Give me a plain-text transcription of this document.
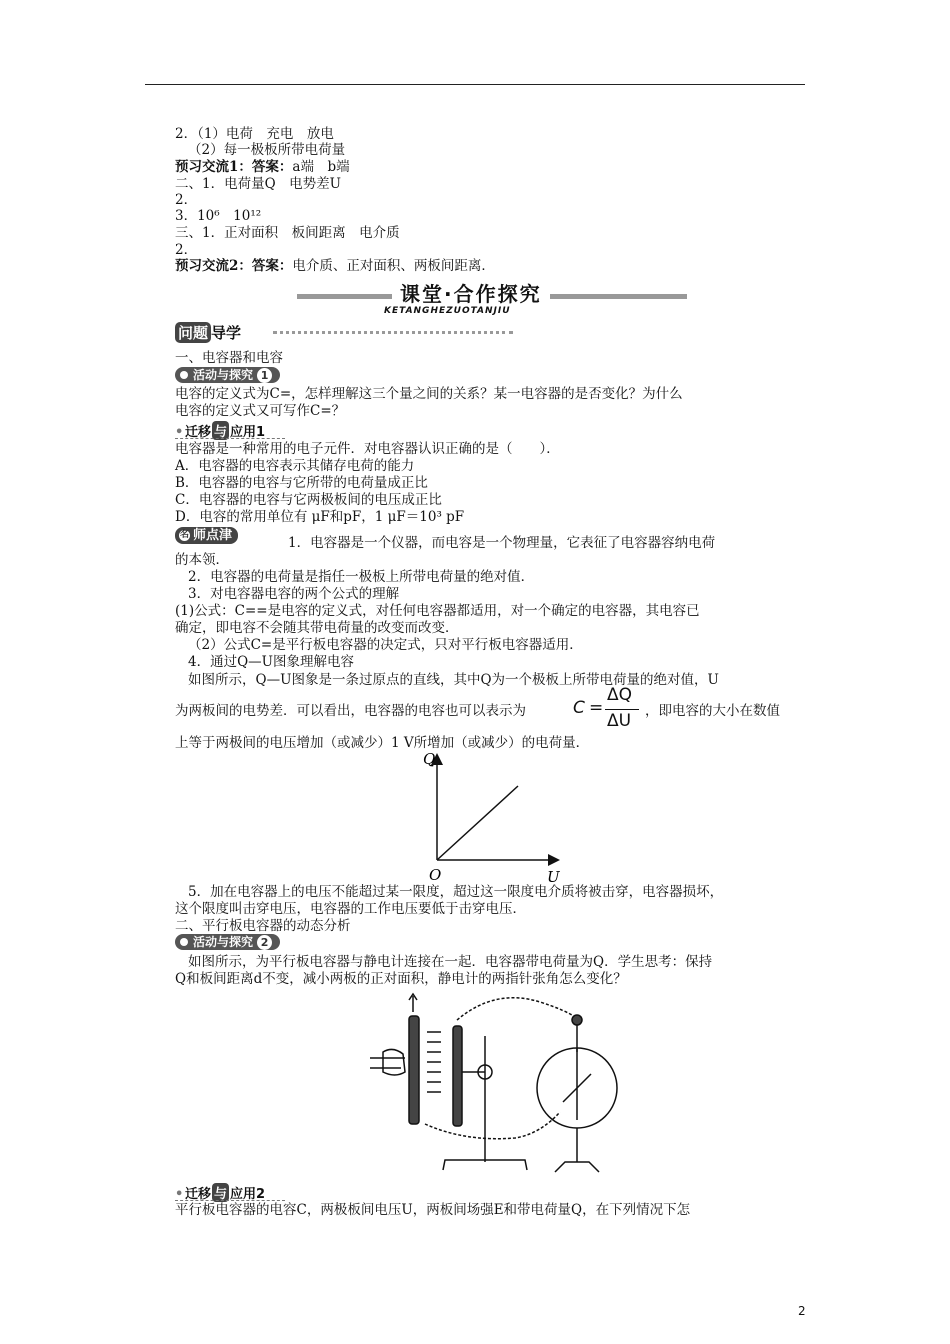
2．（1）电荷　充电　放电
（2）每一极板所带电荷量
预习交流1：答案：a端　b端
二、1．电荷量Q　电势差U
2．
3．10⁶　10¹²
三、1．正对面积　板间距离　电介质
2．
预习交流2：答案：电介质、正对面积、两板间距离．
课堂·合作探究
KETANGHEZUOTANJIU
问题 导学
一、电容器和电容
活动与探究 1
电容的定义式为C=，怎样理解这三个量之间的关系？某一电容器的是否变化？为什么
电容的定义式又可写作C=？
• 迁移 与 应用1
电容器是一种常用的电子元件．对电容器认识正确的是（　　）．
A．电容器的电容表示其储存电荷的能力
B．电容器的电容与它所带的电荷量成正比
C．电容器的电容与它两极板间的电压成正比
D．电容的常用单位有 μF和pF，1 μF＝10³ pF
名 师点津	1．电容器是一个仪器，而电容是一个物理量，它表征了电容器容纳电荷
的本领．
2．电容器的电荷量是指任一极板上所带电荷量的绝对值．
3．对电容器电容的两个公式的理解
(1)公式：C==是电容的定义式，对任何电容器都适用，对一个确定的电容器，其电容已
确定，即电容不会随其带电荷量的改变而改变．
（2）公式C=是平行板电容器的决定式，只对平行板电容器适用．
4．通过Q—U图象理解电容
如图所示，Q—U图象是一条过原点的直线，其中Q为一个极板上所带电荷量的绝对值，U
为两板间的电势差．可以看出，电容器的电容也可以表示为	C =
ΔQ
ΔU ，即电容的大小在数值
上等于两极间的电压增加（或减少）1 V所增加（或减少）的电荷量．
Q
U
O
5．加在电容器上的电压不能超过某一限度，超过这一限度电介质将被击穿，电容器损坏，
这个限度叫击穿电压，电容器的工作电压要低于击穿电压．
二、平行板电容器的动态分析
活动与探究 2
如图所示，为平行板电容器与静电计连接在一起．电容器带电荷量为Q．学生思考：保持
Q和板间距离d不变，减小两板的正对面积，静电计的两指针张角怎么变化？
• 迁移 与 应用2
平行板电容器的电容C，两极板间电压U，两板间场强E和带电荷量Q，在下列情况下怎
2
